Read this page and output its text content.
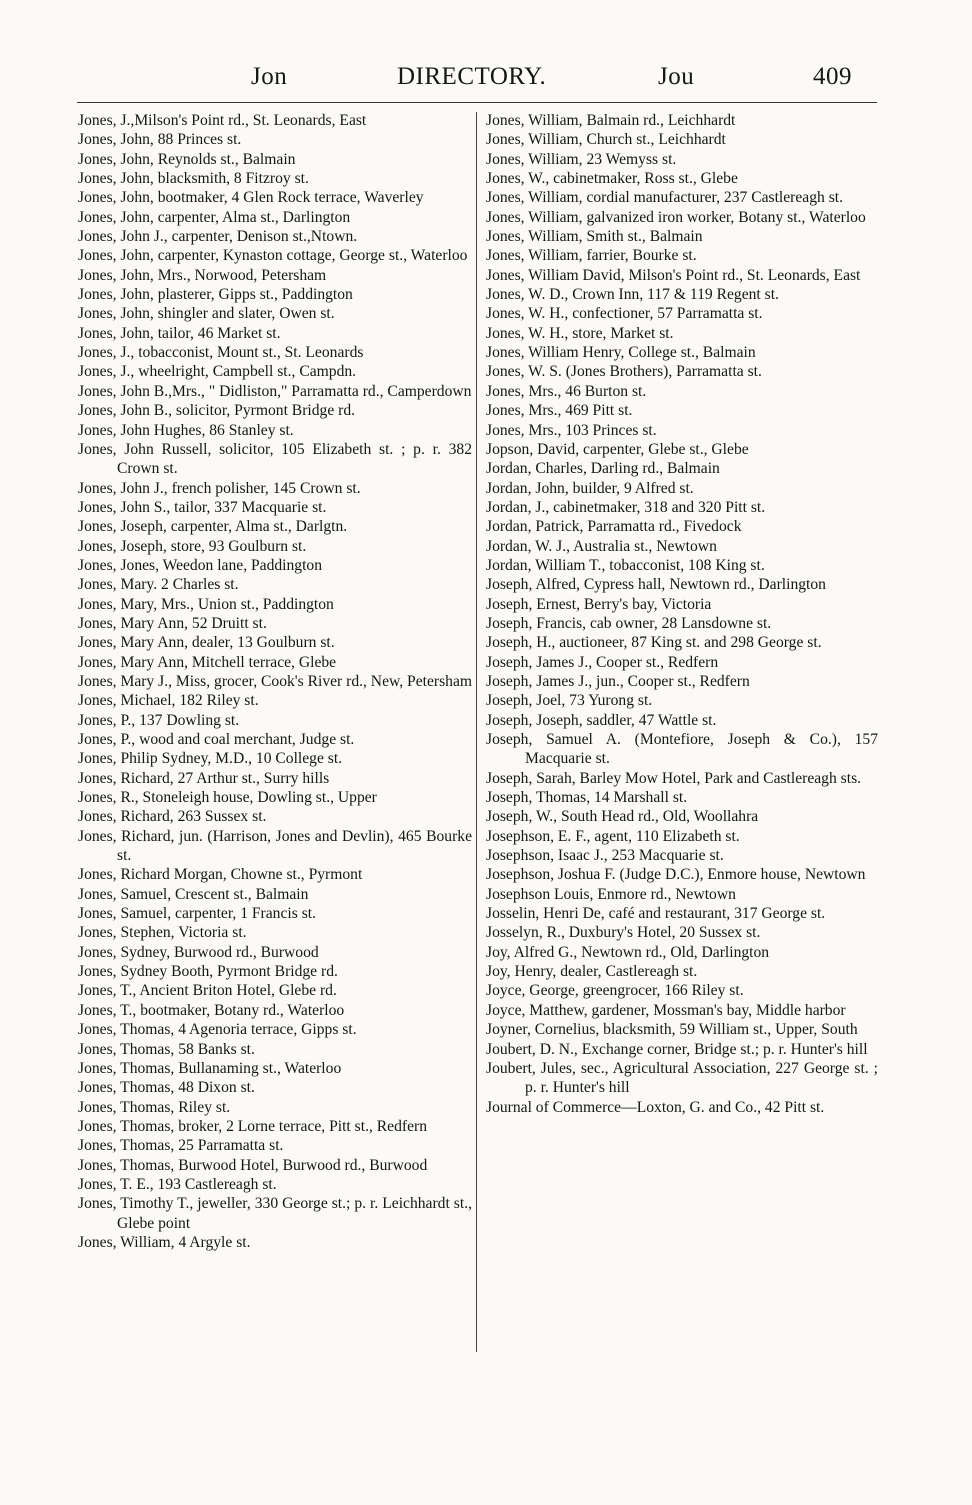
Jon	DIRECTORY.	Jou	409
Jones, J.,Milson's Point rd., St. Leonards, East
Jones, John, 88 Princes st.
Jones, John, Reynolds st., Balmain
Jones, John, blacksmith, 8 Fitzroy st.
Jones, John, bootmaker, 4 Glen Rock terrace, Waverley
Jones, John, carpenter, Alma st., Darlington
Jones, John J., carpenter, Denison st.,Ntown.
Jones, John, carpenter, Kynaston cottage, George st., Waterloo
Jones, John, Mrs., Norwood, Petersham
Jones, John, plasterer, Gipps st., Paddington
Jones, John, shingler and slater, Owen st.
Jones, John, tailor, 46 Market st.
Jones, J., tobacconist, Mount st., St. Leonards
Jones, J., wheelright, Campbell st., Campdn.
Jones, John B.,Mrs., " Didliston," Parramatta rd., Camperdown
Jones, John B., solicitor, Pyrmont Bridge rd.
Jones, John Hughes, 86 Stanley st.
Jones, John Russell, solicitor, 105 Elizabeth st. ; p. r. 382 Crown st.
Jones, John J., french polisher, 145 Crown st.
Jones, John S., tailor, 337 Macquarie st.
Jones, Joseph, carpenter, Alma st., Darlgtn.
Jones, Joseph, store, 93 Goulburn st.
Jones, Jones, Weedon lane, Paddington
Jones, Mary. 2 Charles st.
Jones, Mary, Mrs., Union st., Paddington
Jones, Mary Ann, 52 Druitt st.
Jones, Mary Ann, dealer, 13 Goulburn st.
Jones, Mary Ann, Mitchell terrace, Glebe
Jones, Mary J., Miss, grocer, Cook's River rd., New, Petersham
Jones, Michael, 182 Riley st.
Jones, P., 137 Dowling st.
Jones, P., wood and coal merchant, Judge st.
Jones, Philip Sydney, M.D., 10 College st.
Jones, Richard, 27 Arthur st., Surry hills
Jones, R., Stoneleigh house, Dowling st., Upper
Jones, Richard, 263 Sussex st.
Jones, Richard, jun. (Harrison, Jones and Devlin), 465 Bourke st.
Jones, Richard Morgan, Chowne st., Pyrmont
Jones, Samuel, Crescent st., Balmain
Jones, Samuel, carpenter, 1 Francis st.
Jones, Stephen, Victoria st.
Jones, Sydney, Burwood rd., Burwood
Jones, Sydney Booth, Pyrmont Bridge rd.
Jones, T., Ancient Briton Hotel, Glebe rd.
Jones, T., bootmaker, Botany rd., Waterloo
Jones, Thomas, 4 Agenoria terrace, Gipps st.
Jones, Thomas, 58 Banks st.
Jones, Thomas, Bullanaming st., Waterloo
Jones, Thomas, 48 Dixon st.
Jones, Thomas, Riley st.
Jones, Thomas, broker, 2 Lorne terrace, Pitt st., Redfern
Jones, Thomas, 25 Parramatta st.
Jones, Thomas, Burwood Hotel, Burwood rd., Burwood
Jones, T. E., 193 Castlereagh st.
Jones, Timothy T., jeweller, 330 George st.; p. r. Leichhardt st., Glebe point
Jones, William, 4 Argyle st.
Jones, William, Balmain rd., Leichhardt
Jones, William, Church st., Leichhardt
Jones, William, 23 Wemyss st.
Jones, W., cabinetmaker, Ross st., Glebe
Jones, William, cordial manufacturer, 237 Castlereagh st.
Jones, William, galvanized iron worker, Botany st., Waterloo
Jones, William, Smith st., Balmain
Jones, William, farrier, Bourke st.
Jones, William David, Milson's Point rd., St. Leonards, East
Jones, W. D., Crown Inn, 117 & 119 Regent st.
Jones, W. H., confectioner, 57 Parramatta st.
Jones, W. H., store, Market st.
Jones, William Henry, College st., Balmain
Jones, W. S. (Jones Brothers), Parramatta st.
Jones, Mrs., 46 Burton st.
Jones, Mrs., 469 Pitt st.
Jones, Mrs., 103 Princes st.
Jopson, David, carpenter, Glebe st., Glebe
Jordan, Charles, Darling rd., Balmain
Jordan, John, builder, 9 Alfred st.
Jordan, J., cabinetmaker, 318 and 320 Pitt st.
Jordan, Patrick, Parramatta rd., Fivedock
Jordan, W. J., Australia st., Newtown
Jordan, William T., tobacconist, 108 King st.
Joseph, Alfred, Cypress hall, Newtown rd., Darlington
Joseph, Ernest, Berry's bay, Victoria
Joseph, Francis, cab owner, 28 Lansdowne st.
Joseph, H., auctioneer, 87 King st. and 298 George st.
Joseph, James J., Cooper st., Redfern
Joseph, James J., jun., Cooper st., Redfern
Joseph, Joel, 73 Yurong st.
Joseph, Joseph, saddler, 47 Wattle st.
Joseph, Samuel A. (Montefiore, Joseph & Co.), 157 Macquarie st.
Joseph, Sarah, Barley Mow Hotel, Park and Castlereagh sts.
Joseph, Thomas, 14 Marshall st.
Joseph, W., South Head rd., Old, Woollahra
Josephson, E. F., agent, 110 Elizabeth st.
Josephson, Isaac J., 253 Macquarie st.
Josephson, Joshua F. (Judge D.C.), Enmore house, Newtown
Josephson Louis, Enmore rd., Newtown
Josselin, Henri De, café and restaurant, 317 George st.
Josselyn, R., Duxbury's Hotel, 20 Sussex st.
Joy, Alfred G., Newtown rd., Old, Darlington
Joy, Henry, dealer, Castlereagh st.
Joyce, George, greengrocer, 166 Riley st.
Joyce, Matthew, gardener, Mossman's bay, Middle harbor
Joyner, Cornelius, blacksmith, 59 William st., Upper, South
Joubert, D. N., Exchange corner, Bridge st.; p. r. Hunter's hill
Joubert, Jules, sec., Agricultural Association, 227 George st. ; p. r. Hunter's hill
Journal of Commerce—Loxton, G. and Co., 42 Pitt st.
